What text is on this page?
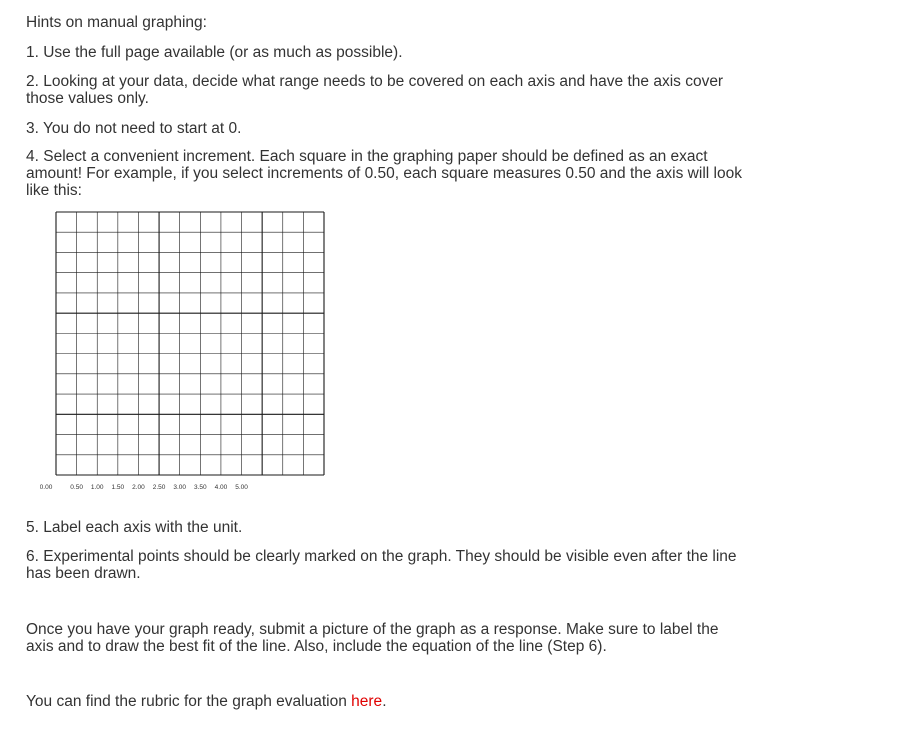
Hints on manual graphing:
1. Use the full page available (or as much as possible).
2. Looking at your data, decide what range needs to be covered on each axis and have the axis cover those values only.
3. You do not need to start at 0.
4. Select a convenient increment. Each square in the graphing paper should be defined as an exact amount! For example, if you select increments of 0.50, each square measures 0.50 and the axis will look like this:
0.00	0.50 1.00 1.50 2.00 2.50 3.00 3.50 4.00 5.00
5. Label each axis with the unit.
6. Experimental points should be clearly marked on the graph. They should be visible even after the line has been drawn.
Once you have your graph ready, submit a picture of the graph as a response. Make sure to label the axis and to draw the best fit of the line. Also, include the equation of the line (Step 6).
You can find the rubric for the graph evaluation here.
